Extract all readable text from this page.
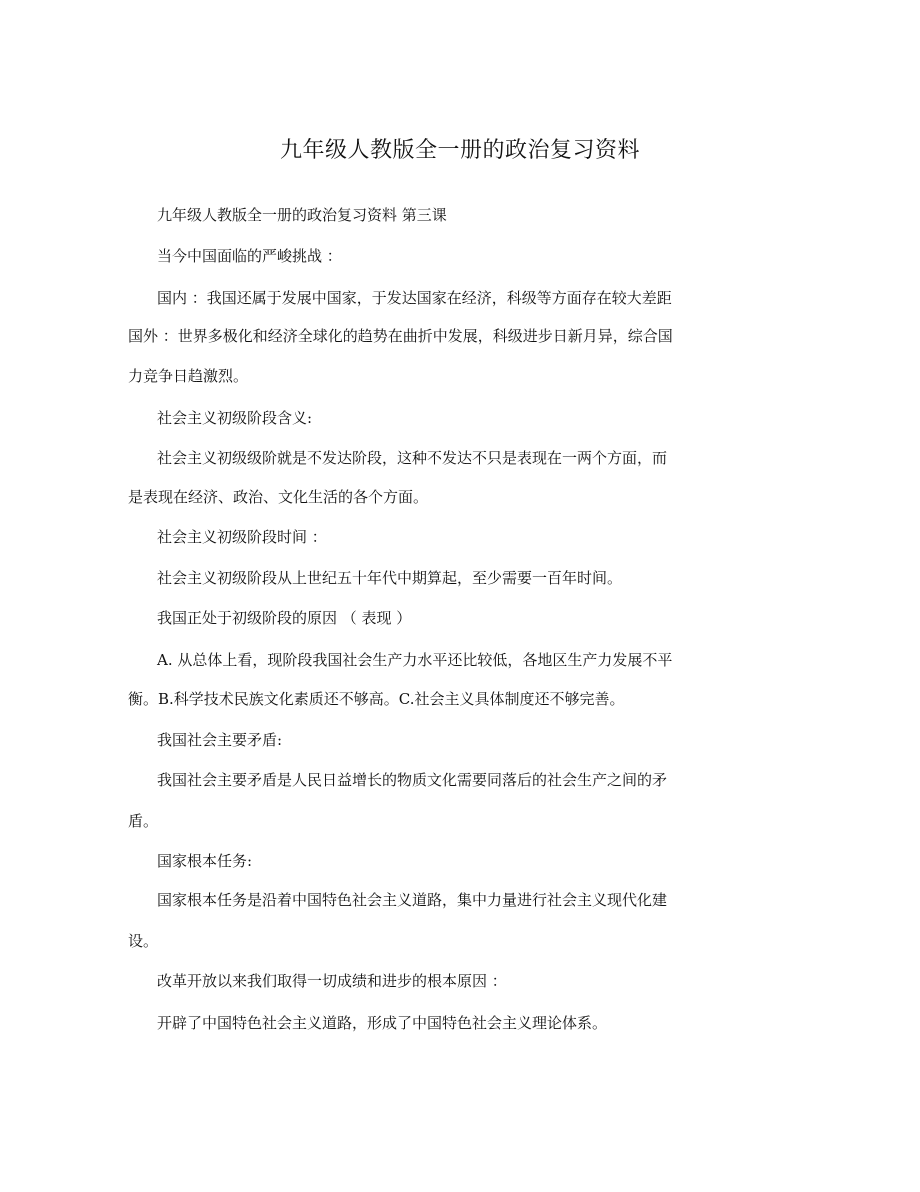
九年级人教版全一册的政治复习资料
九年级人教版全一册的政治复习资料 第三课
当今中国面临的严峻挑战 ：
国内 ：我国还属于发展中国家，于发达国家在经济，科级等方面存在较大差距
国外 ：世界多极化和经济全球化的趋势在曲折中发展，科级进步日新月异，综合国
力竞争日趋激烈。
社会主义初级阶段含义:
社会主义初级级阶就是不发达阶段，这种不发达不只是表现在一两个方面，而
是表现在经济、政治、文化生活的各个方面。
社会主义初级阶段时间 ：
社会主义初级阶段从上世纪五十年代中期算起，至少需要一百年时间。
我国正处于初级阶段的原因 （ 表现 ）
A. 从总体上看，现阶段我国社会生产力水平还比较低，各地区生产力发展不平
衡。B.科学技术民族文化素质还不够高。C.社会主义具体制度还不够完善。
我国社会主要矛盾:
我国社会主要矛盾是人民日益增长的物质文化需要同落后的社会生产之间的矛
盾。
国家根本任务:
国家根本任务是沿着中国特色社会主义道路，集中力量进行社会主义现代化建
设。
改革开放以来我们取得一切成绩和进步的根本原因 ：
开辟了中国特色社会主义道路，形成了中国特色社会主义理论体系。
